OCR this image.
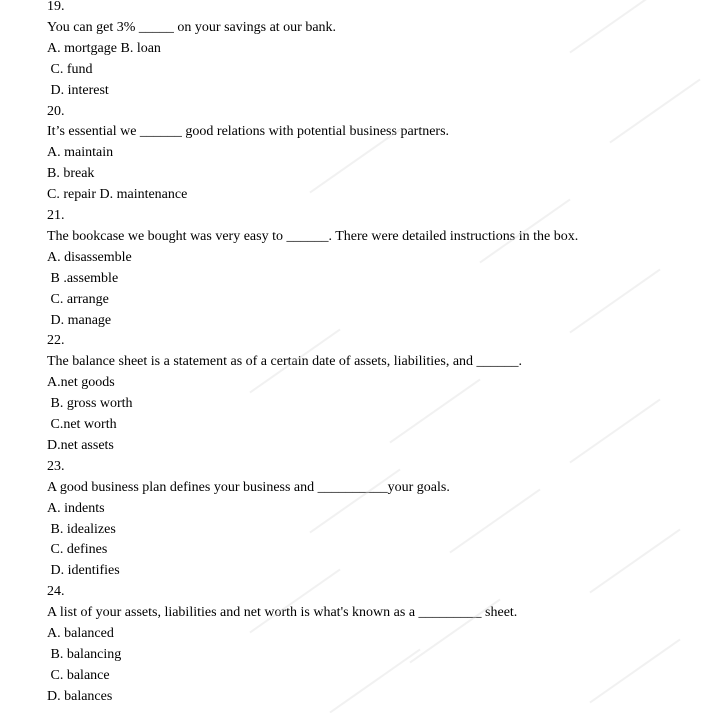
19.
You can get 3% _____ on your savings at our bank.
A. mortgage B. loan
C. fund
D. interest
20.
It’s essential we ______ good relations with potential business partners.
A. maintain
B. break
C. repair D. maintenance
21.
The bookcase we bought was very easy to ______. There were detailed instructions in the box.
A. disassemble
B .assemble
C. arrange
D. manage
22.
The balance sheet is a statement as of a certain date of assets, liabilities, and ______.
A.net goods
B. gross worth
C.net worth
D.net assets
23.
A good business plan defines your business and __________your goals.
A. indents
B. idealizes
C. defines
D. identifies
24.
A list of your assets, liabilities and net worth is what's known as a _________ sheet.
A. balanced
B. balancing
C. balance
D. balances
